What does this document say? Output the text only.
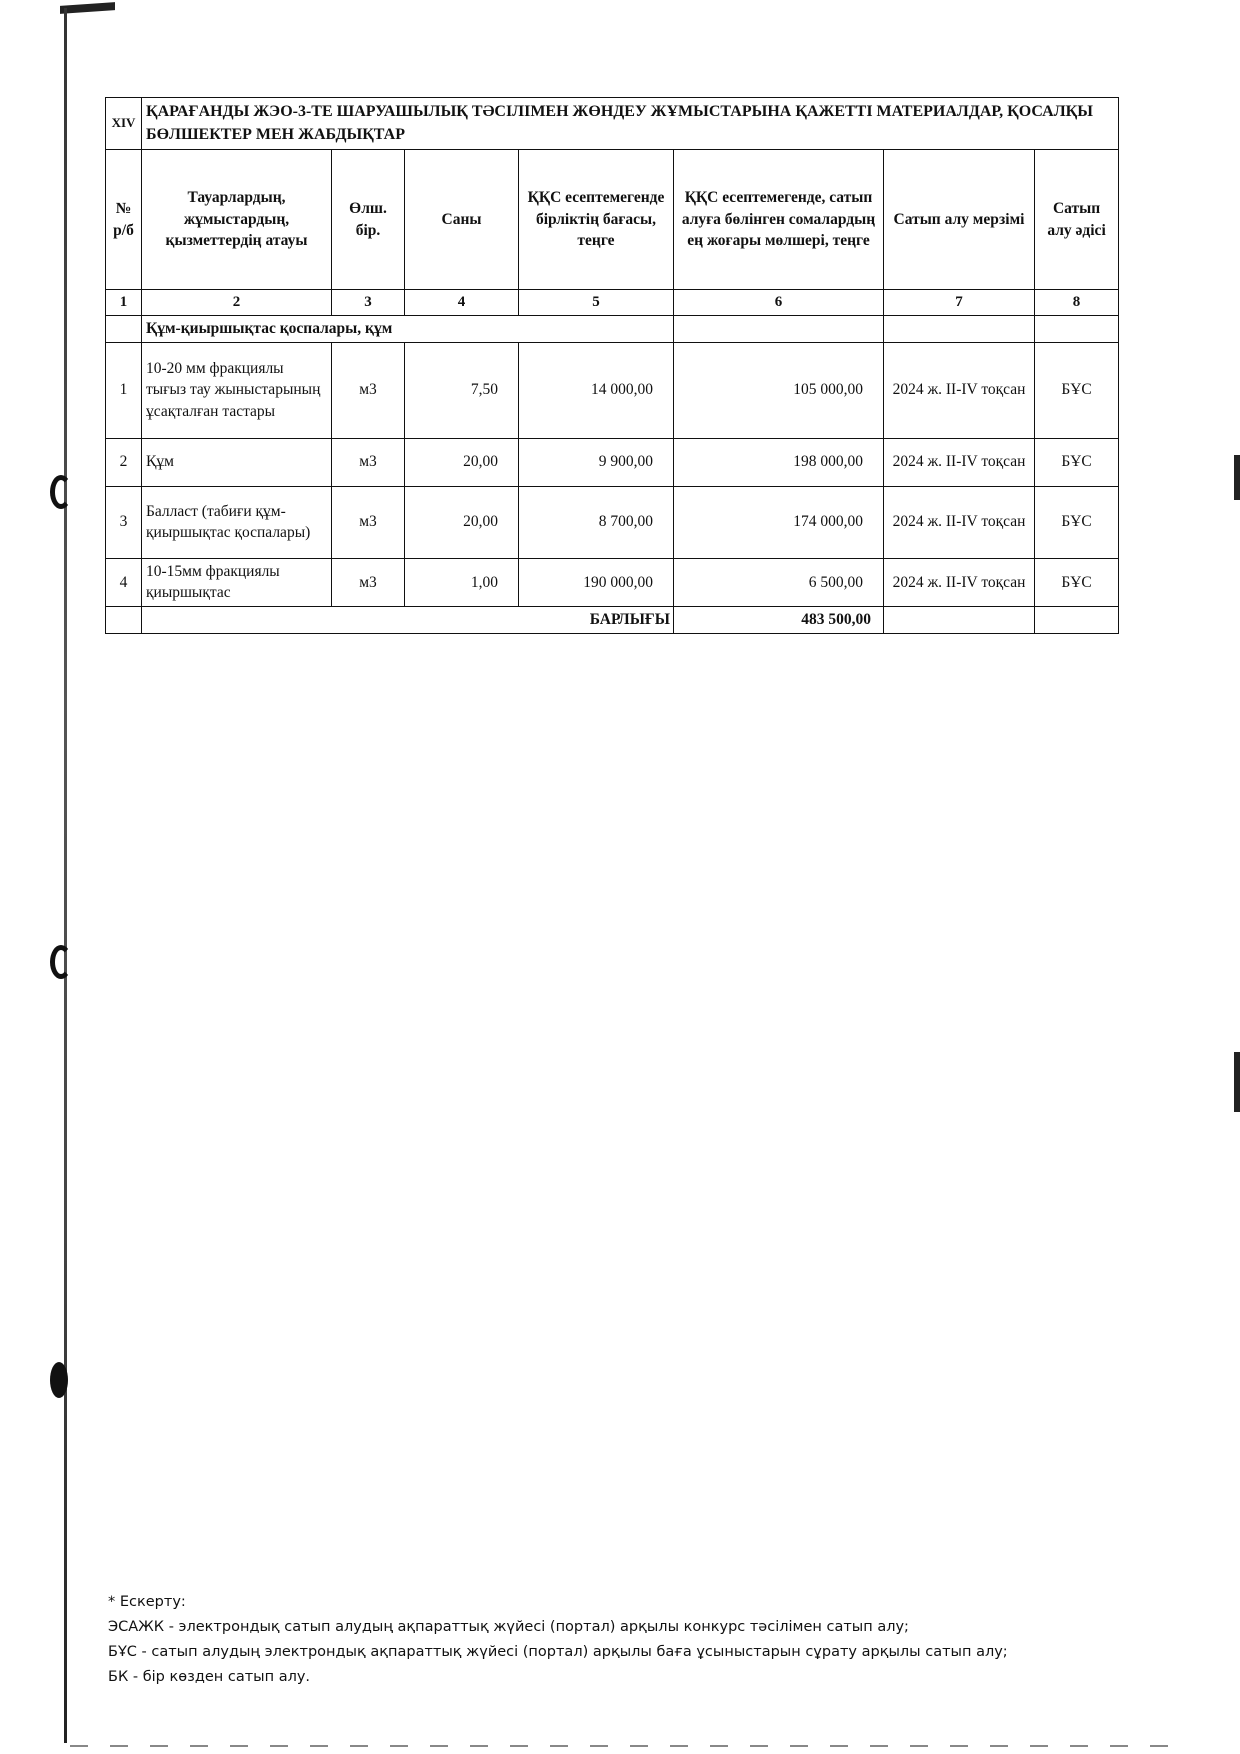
XIV	ҚАРАҒАНДЫ ЖЭО-3-ТЕ ШАРУАШЫЛЫҚ ТӘСІЛІМЕН ЖӨНДЕУ ЖҰМЫСТАРЫНА ҚАЖЕТТІ МАТЕРИАЛДАР, ҚОСАЛҚЫ БӨЛШЕКТЕР МЕН ЖАБДЫҚТАР						
№ р/б	Тауарлардың, жұмыстардың, қызметтердің атауы	Өлш. бір.	Саны	ҚҚС есептемегенде бірліктің бағасы, теңге	ҚҚС есептемегенде, сатып алуға бөлінген сомалардың ең жоғары мөлшері, теңге	Сатып алу мерзімі	Сатып алу әдісі
1	2	3	4	5	6	7	8
	Құм-қиыршықтас қоспалары, құм						
1	10-20 мм фракциялы тығыз тау жыныстарының ұсақталған тастары	м3	7,50	14 000,00	105 000,00	2024 ж. II-IV тоқсан	БҰС
2	Құм	м3	20,00	9 900,00	198 000,00	2024 ж. II-IV тоқсан	БҰС
3	Балласт (табиғи құм-қиыршықтас қоспалары)	м3	20,00	8 700,00	174 000,00	2024 ж. II-IV тоқсан	БҰС
4	10-15мм фракциялы қиыршықтас	м3	1,00	190 000,00	6 500,00	2024 ж. II-IV тоқсан	БҰС
	БАРЛЫҒЫ				483 500,00		
* Ескерту:
ЭСАЖК - электрондық сатып алудың ақпараттық жүйесі (портал) арқылы конкурс тәсілімен сатып алу;
БҰС - сатып алудың электрондық ақпараттық жүйесі (портал) арқылы баға ұсыныстарын сұрату арқылы сатып алу;
БК - бір көзден сатып алу.
